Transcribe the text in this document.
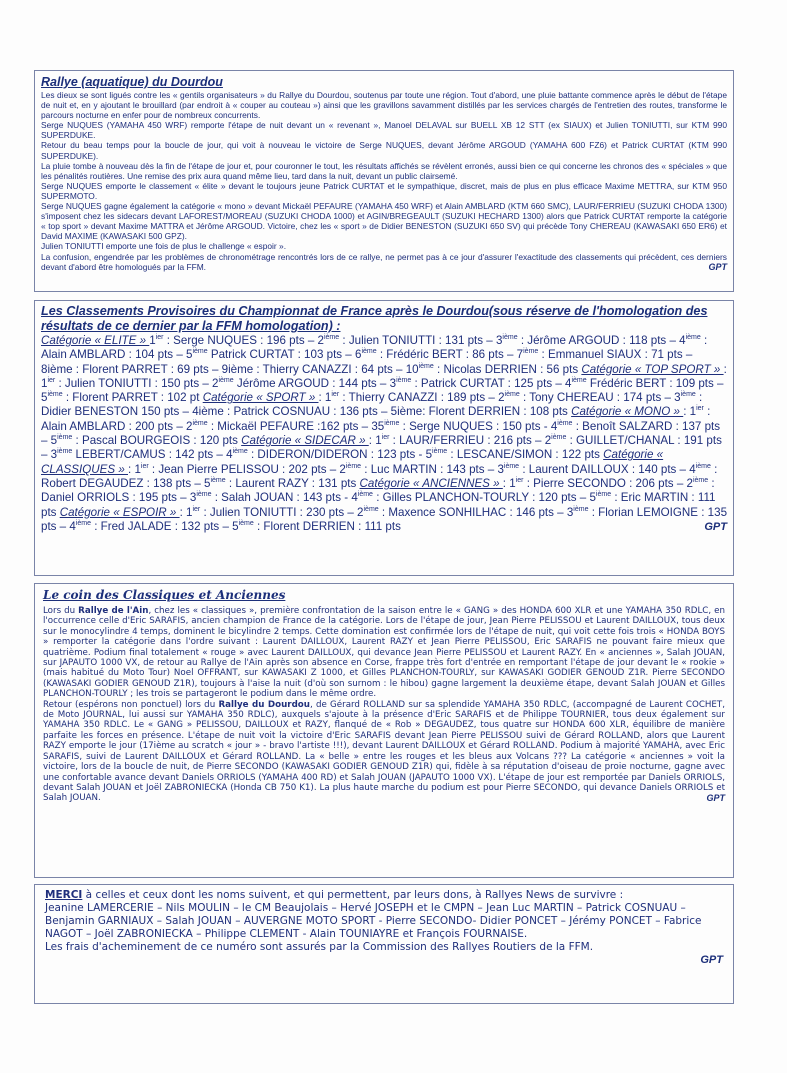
Rallye (aquatique) du Dourdou

Les dieux se sont ligués contre les « gentils organisateurs » du Rallye du Dourdou, soutenus par toute une région. Tout d'abord, une pluie battante commence après le début de l'étape de nuit et, en y ajoutant le brouillard (par endroit à « couper au couteau ») ainsi que les gravillons savamment distillés par les services chargés de l'entretien des routes, transforme le parcours nocturne en enfer pour de nombreux concurrents.

Serge NUQUES (YAMAHA 450 WRF) remporte l'étape de nuit devant un « revenant », Manoel DELAVAL sur BUELL XB 12 STT (ex SIAUX) et Julien TONIUTTI, sur KTM 990 SUPERDUKE.

Retour du beau temps pour la boucle de jour, qui voit à nouveau le victoire de Serge NUQUES, devant Jérôme ARGOUD (YAMAHA 600 FZ6) et Patrick CURTAT (KTM 990 SUPERDUKE).

La pluie tombe à nouveau dès la fin de l'étape de jour et, pour couronner le tout, les résultats affichés se révèlent erronés, aussi bien ce qui concerne les chronos des « spéciales » que les pénalités routières. Une remise des prix aura quand même lieu, tard dans la nuit, devant un public clairsemé.

Serge NUQUES emporte le classement « élite » devant le toujours jeune Patrick CURTAT et le sympathique, discret, mais de plus en plus efficace Maxime METTRA, sur KTM 950 SUPERMOTO.

Serge NUQUES gagne également la catégorie « mono » devant Mickaël PEFAURE (YAMAHA 450 WRF) et Alain AMBLARD (KTM 660 SMC), LAUR/FERRIEU (SUZUKI CHODA 1300) s'imposent chez les sidecars devant LAFOREST/MOREAU (SUZUKI CHODA 1000) et AGIN/BREGEAULT (SUZUKI HECHARD 1300) alors que Patrick CURTAT remporte la catégorie « top sport » devant Maxime MATTRA et Jérôme ARGOUD. Victoire, chez les « sport » de Didier BENESTON (SUZUKI 650 SV) qui précède Tony CHEREAU (KAWASAKI 650 ER6) et David MAXIME (KAWASAKI 500 GPZ).

Julien TONIUTTI emporte une fois de plus le challenge « espoir ».

La confusion, engendrée par les problèmes de chronométrage rencontrés lors de ce rallye, ne permet pas à ce jour d'assurer l'exactitude des classements qui précèdent, ces derniers devant d'abord être homologués par la FFM.	GPT

Les Classements Provisoires du Championnat de France après le Dourdou(sous réserve de l'homologation des résultats de ce dernier par la FFM homologation) :

Catégorie « ELITE » $1^{ier}$ : Serge NUQUES : 196 pts – 2ième : Julien TONIUTTI : 131 pts – 3ième : Jérôme ARGOUD : 118 pts – 4ième : Alain AMBLARD : 104 pts – 5ième Patrick CURTAT : 103 pts – 6ième : Frédéric BERT : 86 pts – 7ième : Emmanuel SIAUX : 71 pts – 8ième : Florent PARRET : 69 pts – 9ième : Thierry CANAZZI : 64 pts – 10ième : Nicolas DERRIEN : 56 pts Catégorie « TOP SPORT » : $1^{ier}$ : Julien TONIUTTI : 150 pts – 2ième Jérôme ARGOUD : 144 pts – 3ième : Patrick CURTAT : 125 pts – 4ième Frédéric BERT : 109 pts – 5ième : Florent PARRET : 102 pt Catégorie « SPORT » : $1^{ier}$ : Thierry CANAZZI : 189 pts – 2ième : Tony CHEREAU : 174 pts – 3ième : Didier BENESTON 150 pts – 4ième : Patrick COSNUAU : 136 pts – 5ième: Florent DERRIEN : 108 pts Catégorie « MONO » : $1^{ier}$ : Alain AMBLARD : 200 pts – 2ième : Mickaël PEFAURE :162 pts – 35ième : Serge NUQUES : 150 pts - 4ième : Benoît SALZARD : 137 pts – 5ième : Pascal BOURGEOIS : 120 pts Catégorie « SIDECAR » : $1^{ier}$ : LAUR/FERRIEU : 216 pts – 2ième : GUILLET/CHANAL : 191 pts – 3ième LEBERT/CAMUS : 142 pts – 4ième : DIDERON/DIDERON : 123 pts - 5ième : LESCANE/SIMON : 122 pts Catégorie « CLASSIQUES » : $1^{ier}$ : Jean Pierre PELISSOU : 202 pts – 2ième : Luc MARTIN : 143 pts – 3ième : Laurent DAILLOUX : 140 pts – 4ième : Robert DEGAUDEZ : 138 pts – 5ième : Laurent RAZY : 131 pts Catégorie « ANCIENNES » : $1^{ier}$ : Pierre SECONDO : 206 pts – 2ième : Daniel ORRIOLS : 195 pts – 3ième : Salah JOUAN : 143 pts - 4ième : Gilles PLANCHON-TOURLY : 120 pts – 5ième : Eric MARTIN : 111 pts Catégorie « ESPOIR » : $1^{ier}$ : Julien TONIUTTI : 230 pts – 2ième : Maxence SONHILHAC : 146 pts – 3ième : Florian LEMOIGNE : 135 pts – 4ième : Fred JALADE : 132 pts – 5ième : Florent DERRIEN : 111 pts	GPT

Le coin des Classiques et Anciennes

Lors du Rallye de l'Ain, chez les « classiques », première confrontation de la saison entre le « GANG » des HONDA 600 XLR et une YAMAHA 350 RDLC, en l'occurrence celle d'Eric SARAFIS, ancien champion de France de la catégorie. Lors de l'étape de jour, Jean Pierre PELISSOU et Laurent DAILLOUX, tous deux sur le monocylindre 4 temps, dominent le bicylindre 2 temps. Cette domination est confirmée lors de l'étape de nuit, qui voit cette fois trois « HONDA BOYS » remporter la catégorie dans l'ordre suivant : Laurent DAILLOUX, Laurent RAZY et Jean Pierre PELISSOU, Eric SARAFIS ne pouvant faire mieux que quatrième. Podium final totalement « rouge » avec Laurent DAILLOUX, qui devance Jean Pierre PELISSOU et Laurent RAZY. En « anciennes », Salah JOUAN, sur JAPAUTO 1000 VX, de retour au Rallye de l'Ain après son absence en Corse, frappe très fort d'entrée en remportant l'étape de jour devant le « rookie » (mais habitué du Moto Tour) Noel OFFRANT, sur KAWASAKI Z 1000, et Gilles PLANCHON-TOURLY, sur KAWASAKI GODIER GENOUD Z1R. Pierre SECONDO (KAWASAKI GODIER GENOUD Z1R), toujours à l'aise la nuit (d'où son surnom : le hibou) gagne largement la deuxième étape, devant Salah JOUAN et Gilles PLANCHON-TOURLY ; les trois se partageront le podium dans le même ordre.

Retour (espérons non ponctuel) lors du Rallye du Dourdou, de Gérard ROLLAND sur sa splendide YAMAHA 350 RDLC, (accompagné de Laurent COCHET, de Moto JOURNAL, lui aussi sur YAMAHA 350 RDLC), auxquels s'ajoute à la présence d'Eric SARAFIS et de Philippe TOURNIER, tous deux également sur YAMAHA 350 RDLC. Le « GANG » PELISSOU, DAILLOUX et RAZY, flanqué de « Rob » DEGAUDEZ, tous quatre sur HONDA 600 XLR, équilibre de manière parfaite les forces en présence. L'étape de nuit voit la victoire d'Eric SARAFIS devant Jean Pierre PELISSOU suivi de Gérard ROLLAND, alors que Laurent RAZY emporte le jour (17ième au scratch « jour » - bravo l'artiste !!!), devant Laurent DAILLOUX et Gérard ROLLAND. Podium à majorité YAMAHA, avec Eric SARAFIS, suivi de Laurent DAILLOUX et Gérard ROLLAND. La « belle » entre les rouges et les bleus aux Volcans ??? La catégorie « anciennes » voit la victoire, lors de la boucle de nuit, de Pierre SECONDO (KAWASAKI GODIER GENOUD Z1R) qui, fidèle à sa réputation d'oiseau de proie nocturne, gagne avec une confortable avance devant Daniels ORRIOLS (YAMAHA 400 RD) et Salah JOUAN (JAPAUTO 1000 VX). L'étape de jour est remportée par Daniels ORRIOLS, devant Salah JOUAN et Joël ZABRONIECKA (Honda CB 750 K1). La plus haute marche du podium est pour Pierre SECONDO, qui devance Daniels ORRIOLS et Salah JOUAN.	GPT

MERCI à celles et ceux dont les noms suivent, et qui permettent, par leurs dons, à Rallyes News de survivre :

Jeanine LAMERCERIE – Nils MOULIN – le CM Beaujolais – Hervé JOSEPH et le CMPN – Jean Luc MARTIN – Patrick COSNUAU – Benjamin GARNIAUX – Salah JOUAN – AUVERGNE MOTO SPORT - Pierre SECONDO- Didier PONCET – Jérémy PONCET – Fabrice NAGOT – Joël ZABRONIECKA – Philippe CLEMENT - Alain TOUNIAYRE et François FOURNAISE.

Les frais d'acheminement de ce numéro sont assurés par la Commission des Rallyes Routiers de la FFM.

GPT
